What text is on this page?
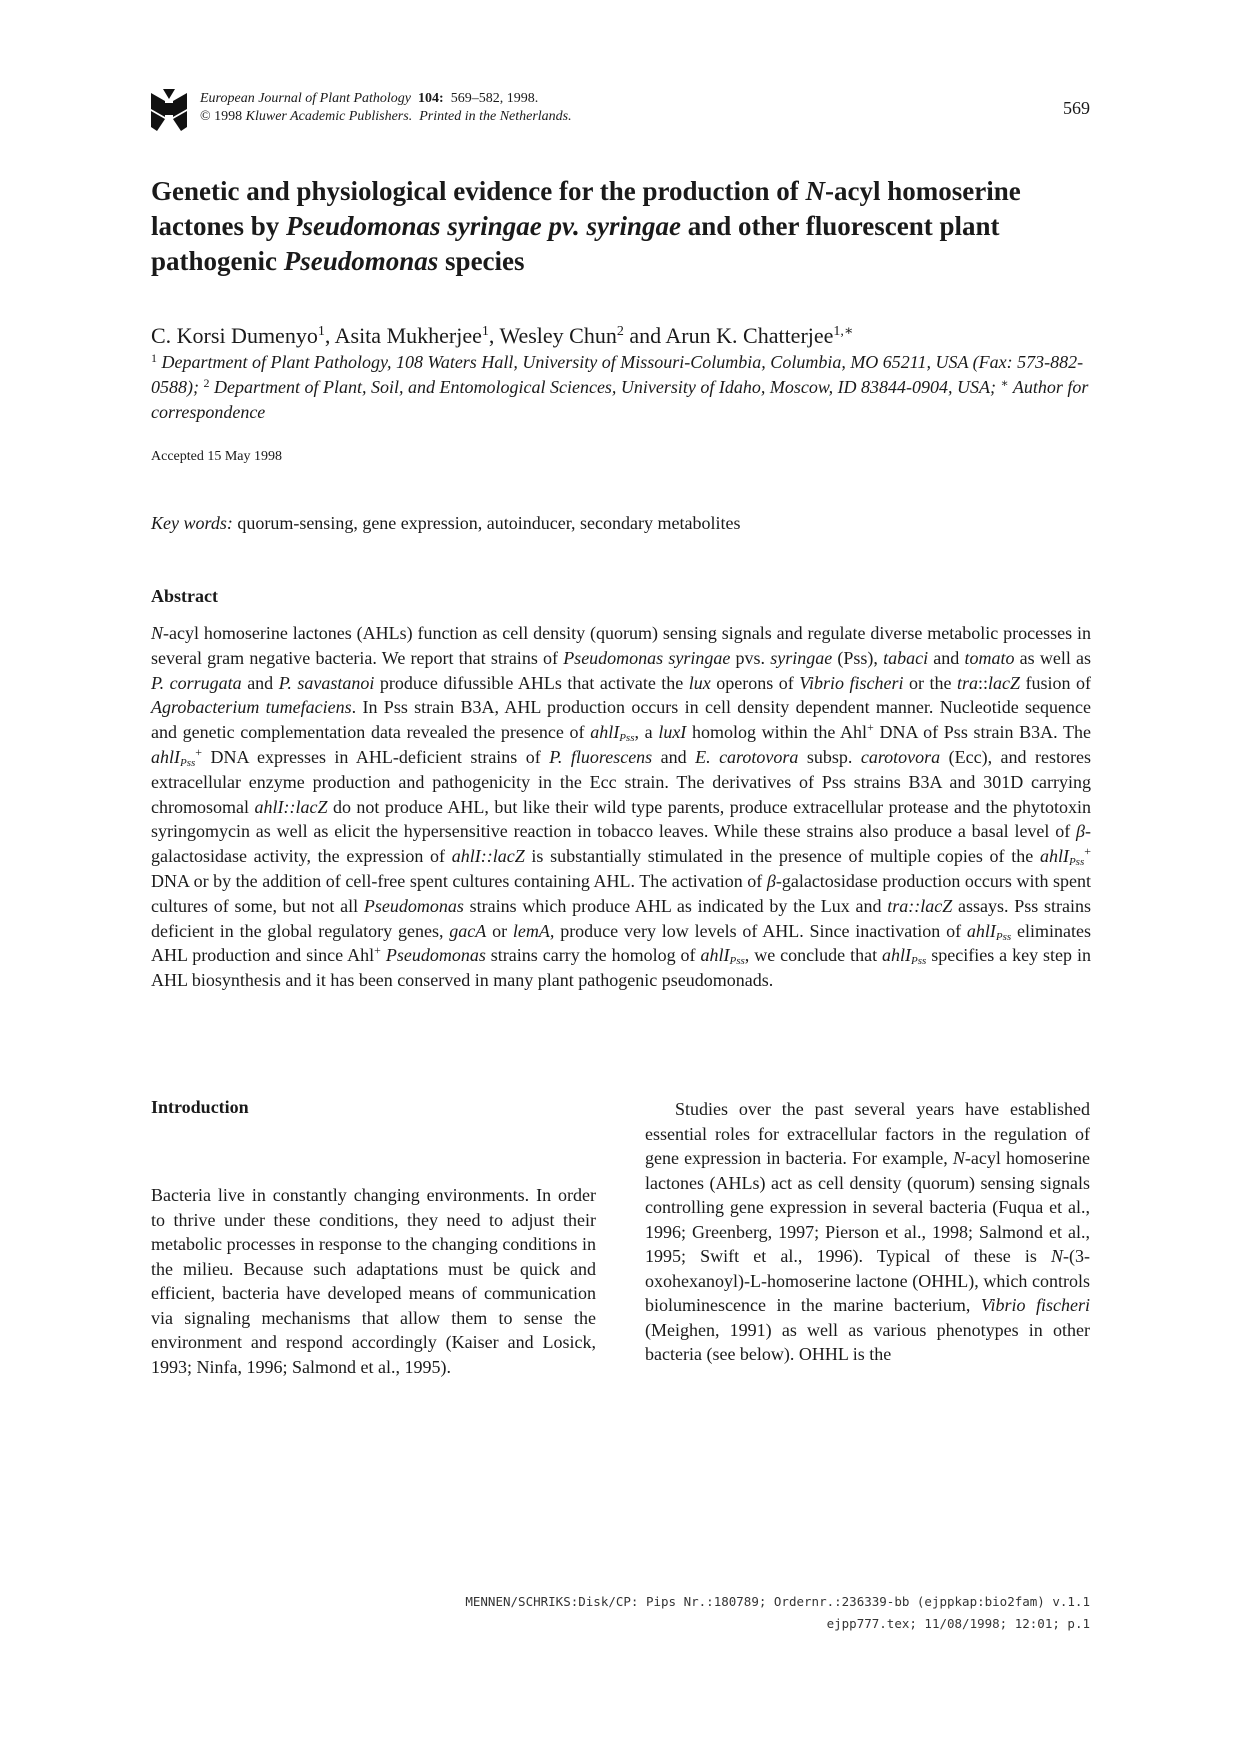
European Journal of Plant Pathology 104: 569–582, 1998.
© 1998 Kluwer Academic Publishers. Printed in the Netherlands.	569
Genetic and physiological evidence for the production of N-acyl homoserine lactones by Pseudomonas syringae pv. syringae and other fluorescent plant pathogenic Pseudomonas species
C. Korsi Dumenyo$^1$, Asita Mukherjee$^1$, Wesley Chun$^2$ and Arun K. Chatterjee$^{1,∗}$
$^1$ Department of Plant Pathology, 108 Waters Hall, University of Missouri-Columbia, Columbia, MO 65211, USA (Fax: 573-882-0588); $^2$ Department of Plant, Soil, and Entomological Sciences, University of Idaho, Moscow, ID 83844-0904, USA; ∗ Author for correspondence
Accepted 15 May 1998
Key words: quorum-sensing, gene expression, autoinducer, secondary metabolites
Abstract

N-acyl homoserine lactones (AHLs) function as cell density (quorum) sensing signals and regulate diverse metabolic processes in several gram negative bacteria. We report that strains of Pseudomonas syringae pvs. syringae (Pss), tabaci and tomato as well as P. corrugata and P. savastanoi produce difussible AHLs that activate the lux operons of Vibrio fischeri or the tra::lacZ fusion of Agrobacterium tumefaciens. In Pss strain B3A, AHL production occurs in cell density dependent manner. Nucleotide sequence and genetic complementation data revealed the presence of ahlI$_{Pss}$, a luxI homolog within the Ahl+ DNA of Pss strain B3A. The ahlI$_{Pss}$+ DNA expresses in AHL-deficient strains of P. fluorescens and E. carotovora subsp. carotovora (Ecc), and restores extracellular enzyme production and pathogenicity in the Ecc strain. The derivatives of Pss strains B3A and 301D carrying chromosomal ahlI::lacZ do not produce AHL, but like their wild type parents, produce extracellular protease and the phytotoxin syringomycin as well as elicit the hypersensitive reaction in tobacco leaves. While these strains also produce a basal level of β-galactosidase activity, the expression of ahlI::lacZ is substantially stimulated in the presence of multiple copies of the ahlI$_{Pss}$+ DNA or by the addition of cell-free spent cultures containing AHL. The activation of β-galactosidase production occurs with spent cultures of some, but not all Pseudomonas strains which produce AHL as indicated by the Lux and tra::lacZ assays. Pss strains deficient in the global regulatory genes, gacA or lemA, produce very low levels of AHL. Since inactivation of ahlI$_{Pss}$ eliminates AHL production and since Ahl+ Pseudomonas strains carry the homolog of ahlI$_{Pss}$, we conclude that ahlI$_{Pss}$ specifies a key step in AHL biosynthesis and it has been conserved in many plant pathogenic pseudomonads.

Introduction

Bacteria live in constantly changing environments. In order to thrive under these conditions, they need to adjust their metabolic processes in response to the changing conditions in the milieu. Because such adaptations must be quick and efficient, bacteria have developed means of communication via signaling mechanisms that allow them to sense the environment and respond accordingly (Kaiser and Losick, 1993; Ninfa, 1996; Salmond et al., 1995).

Studies over the past several years have established essential roles for extracellular factors in the regulation of gene expression in bacteria. For example, N-acyl homoserine lactones (AHLs) act as cell density (quorum) sensing signals controlling gene expression in several bacteria (Fuqua et al., 1996; Greenberg, 1997; Pierson et al., 1998; Salmond et al., 1995; Swift et al., 1996). Typical of these is N-(3-oxohexanoyl)-L-homoserine lactone (OHHL), which controls bioluminescence in the marine bacterium, Vibrio fischeri (Meighen, 1991) as well as various phenotypes in other bacteria (see below). OHHL is the

MENNEN/SCHRIKS:Disk/CP: Pips Nr.:180789; Ordernr.:236339-bb (ejppkap:bio2fam) v.1.1
ejpp777.tex; 11/08/1998; 12:01; p.1
